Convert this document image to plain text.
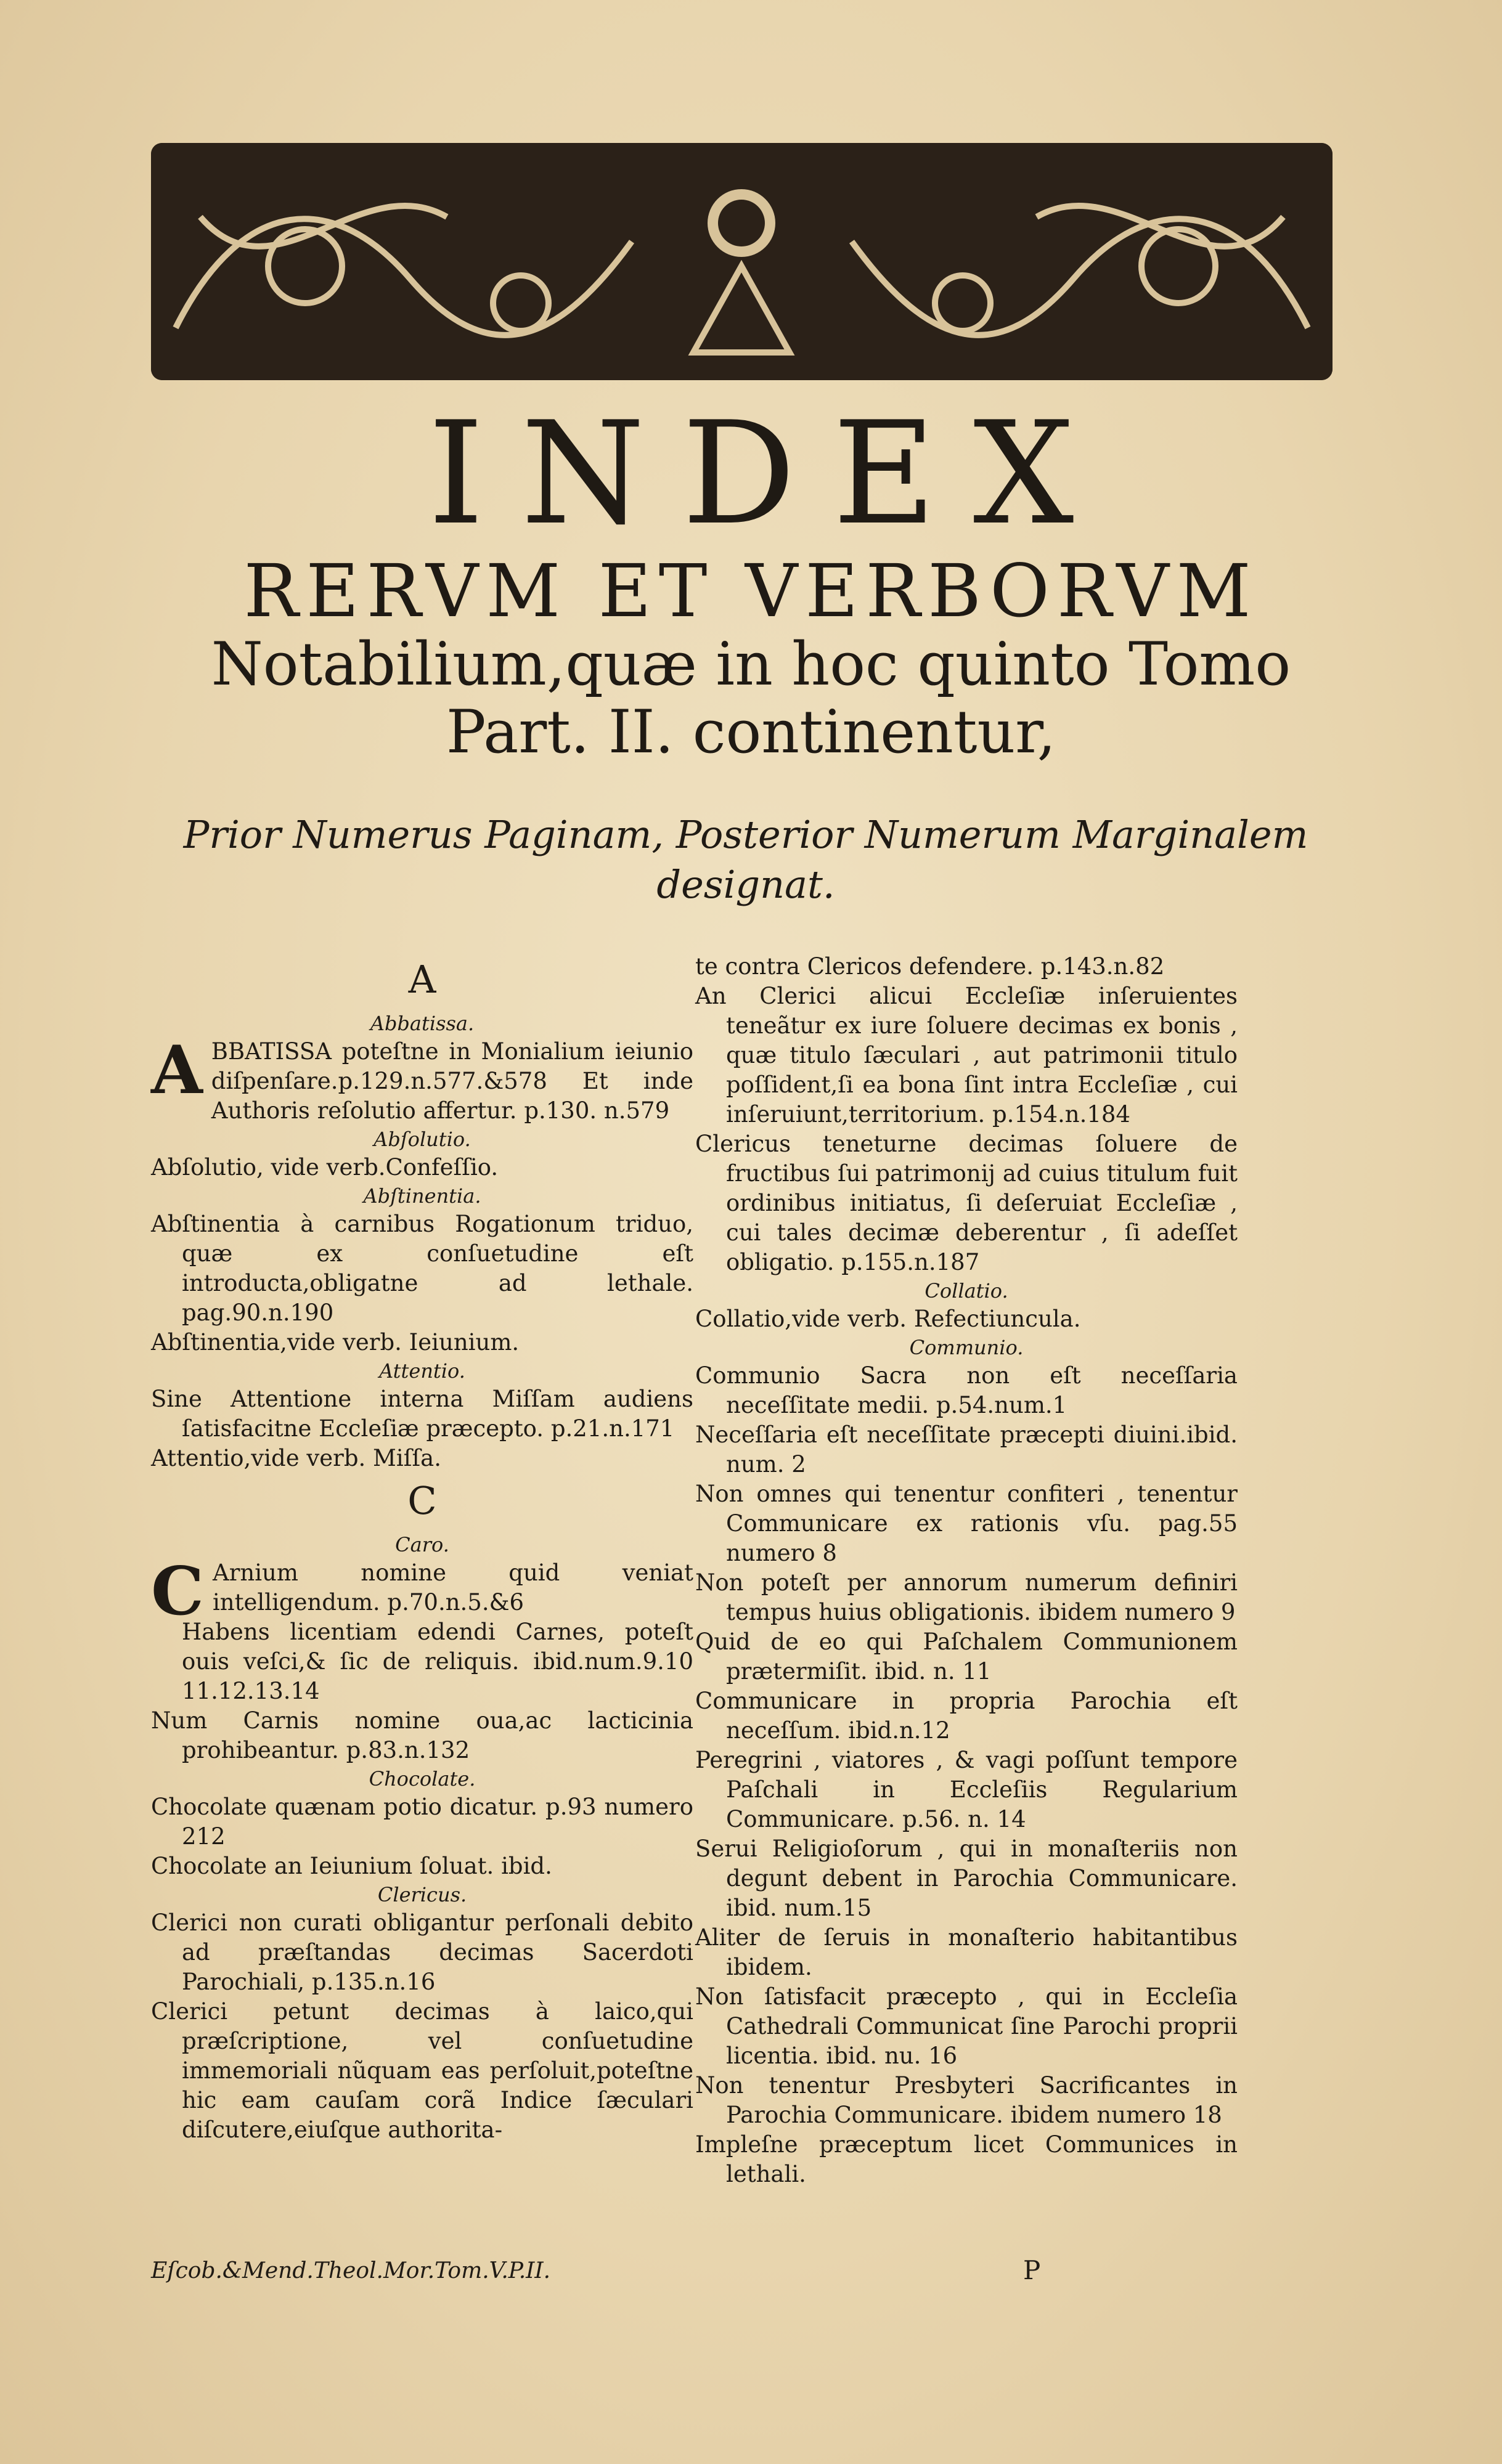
INDEX
RERVM ET VERBORVM
Notabilium,quæ in hoc quinto Tomo
Part. II. continentur,
Prior Numerus Paginam, Posterior Numerum Marginalem designat.
A
Abbatissa.

ABBATISSA poteſtne in Monialium ieiunio diſpenſare.p.129.n.577.&578 Et inde Authoris reſolutio affertur. p.130. n.579

Abſolutio.

Abſolutio, vide verb.Confeſſio.

Abſtinentia.

Abſtinentia à carnibus Rogationum triduo, quæ ex conſuetudine eſt introducta,obligatne ad lethale. pag.90.n.190

Abſtinentia,vide verb. Ieiunium.

Attentio.

Sine Attentione interna Miſſam audiens ſatisfacitne Eccleſiæ præcepto. p.21.n.171

Attentio,vide verb. Miſſa.

C
Caro.

C Arnium nomine quid veniat intelligendum. p.70.n.5.&6

Habens licentiam edendi Carnes, poteſt ouis veſci,& ſic de reliquis. ibid.num.9.10 11.12.13.14

Num Carnis nomine oua,ac lacticinia prohibeantur. p.83.n.132

Chocolate.

Chocolate quænam potio dicatur. p.93 numero 212

Chocolate an Ieiunium ſoluat. ibid.

Clericus.

Clerici non curati obligantur perſonali debito ad præſtandas decimas Sacerdoti Parochiali, p.135.n.16

Clerici petunt decimas à laico,qui præſcriptione, vel conſuetudine immemoriali nũquam eas perſoluit,poteſtne hic eam cauſam corã Indice ſæculari diſcutere,eiuſque authorita-

te contra Clericos defendere. p.143.n.82

An Clerici alicui Eccleſiæ inſeruientes teneãtur ex iure ſoluere decimas ex bonis , quæ titulo ſæculari , aut patrimonii titulo poſſident,ſi ea bona ſint intra Eccleſiæ , cui inſeruiunt,territorium. p.154.n.184

Clericus teneturne decimas ſoluere de fructibus ſui patrimonij ad cuius titulum fuit ordinibus initiatus, ſi deſeruiat Eccleſiæ , cui tales decimæ deberentur , ſi adeſſet obligatio. p.155.n.187

Collatio.

Collatio,vide verb. Refectiuncula.

Communio.

Communio Sacra non eſt neceſſaria neceſſitate medii. p.54.num.1

Neceſſaria eſt neceſſitate præcepti diuini.ibid. num. 2

Non omnes qui tenentur confiteri , tenentur Communicare ex rationis vſu. pag.55 numero 8

Non poteſt per annorum numerum definiri tempus huius obligationis. ibidem numero 9

Quid de eo qui Paſchalem Communionem prætermiſit. ibid. n. 11

Communicare in propria Parochia eſt neceſſum. ibid.n.12

Peregrini , viatores , & vagi poſſunt tempore Paſchali in Eccleſiis Regularium Communicare. p.56. n. 14

Serui Religioſorum , qui in monaſteriis non degunt debent in Parochia Communicare. ibid. num.15

Aliter de ſeruis in monaſterio habitantibus ibidem.

Non ſatisfacit præcepto , qui in Eccleſia Cathedrali Communicat ſine Parochi proprii licentia. ibid. nu. 16

Non tenentur Presbyteri Sacrificantes in Parochia Communicare. ibidem numero 18

Impleſne præceptum licet Communices in lethali.

Eſcob.&Mend.Theol.Mor.Tom.V.P.II.	P
